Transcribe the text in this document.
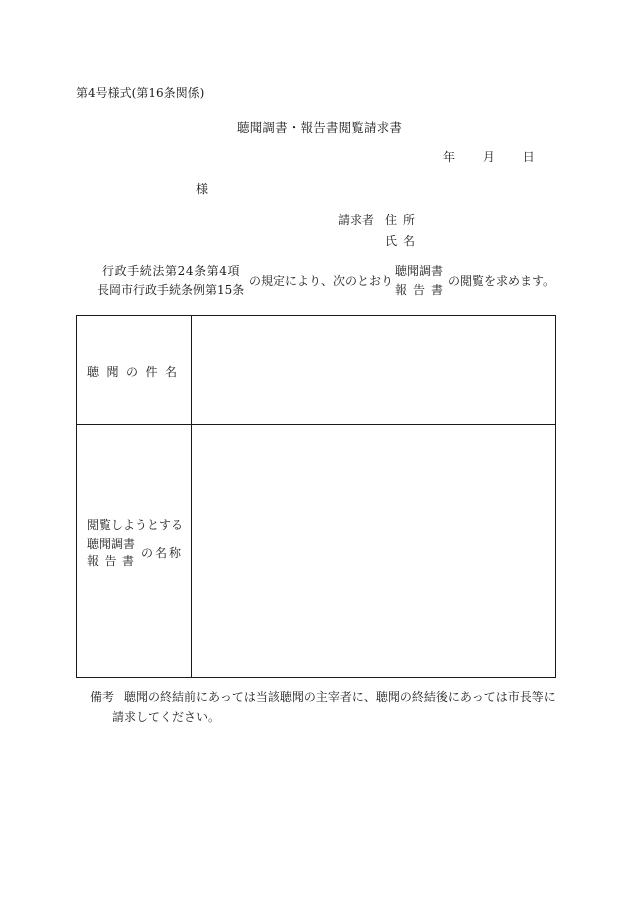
第4号様式(第16条関係)
聴聞調書・報告書閲覧請求書
年 月 日
様
請求者 住所
氏名
行政手続法第24条第4項
長岡市行政手続条例第15条
の規定により、次のとおり
聴聞調書
報告書
の閲覧を求めます。
聴聞の件名
閲覧しようとする
聴聞調書
報告書
の名称
備考 聴聞の終結前にあっては当該聴聞の主宰者に、聴聞の終結後にあっては市長等に
請求してください。
